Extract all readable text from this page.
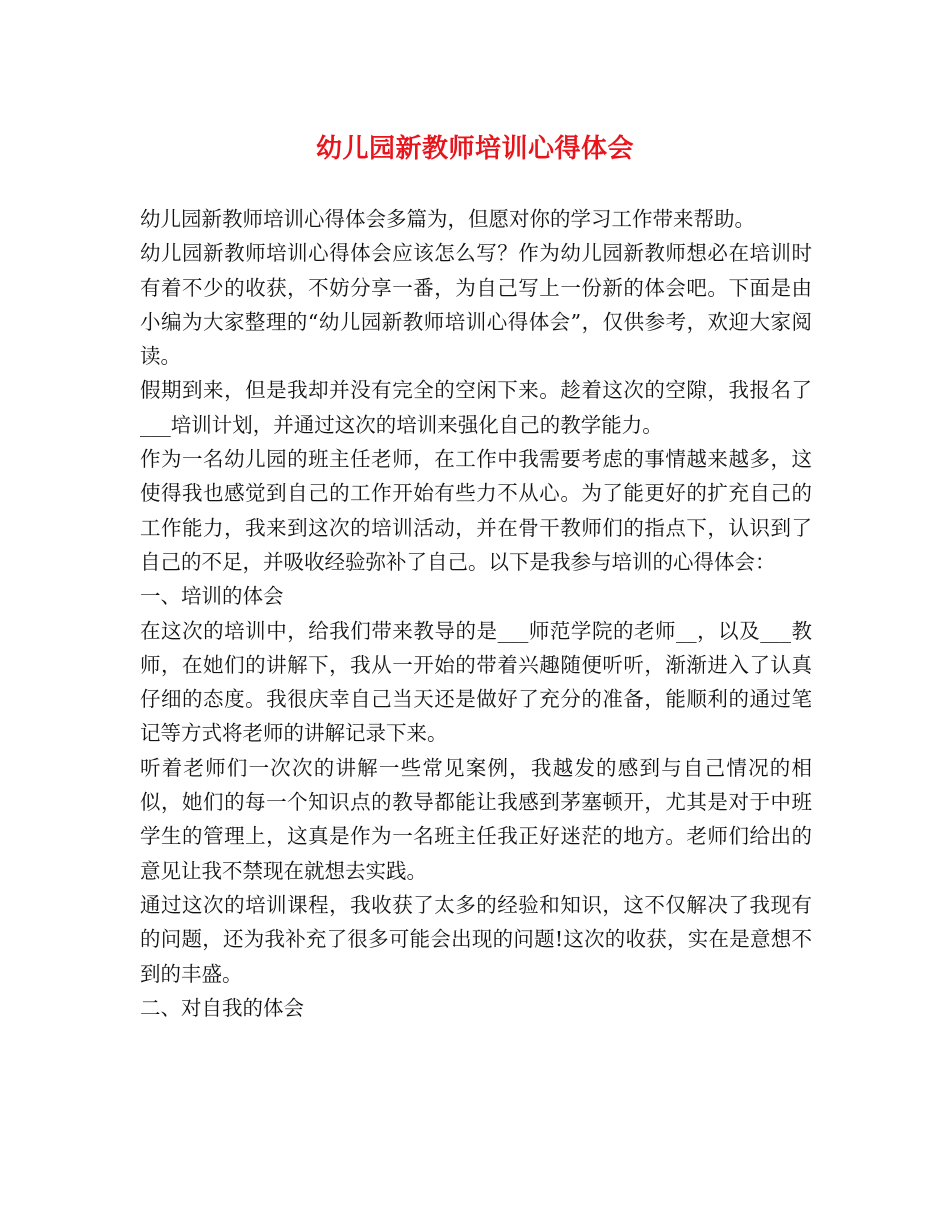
幼儿园新教师培训心得体会

幼儿园新教师培训心得体会多篇为，但愿对你的学习工作带来帮助。

幼儿园新教师培训心得体会应该怎么写？作为幼儿园新教师想必在培训时有着不少的收获，不妨分享一番，为自己写上一份新的体会吧。下面是由小编为大家整理的“幼儿园新教师培训心得体会”，仅供参考，欢迎大家阅读。

假期到来，但是我却并没有完全的空闲下来。趁着这次的空隙，我报名了___培训计划，并通过这次的培训来强化自己的教学能力。

作为一名幼儿园的班主任老师，在工作中我需要考虑的事情越来越多，这使得我也感觉到自己的工作开始有些力不从心。为了能更好的扩充自己的工作能力，我来到这次的培训活动，并在骨干教师们的指点下，认识到了自己的不足，并吸收经验弥补了自己。以下是我参与培训的心得体会：

一、培训的体会

在这次的培训中，给我们带来教导的是___师范学院的老师__，以及___教师，在她们的讲解下，我从一开始的带着兴趣随便听听，渐渐进入了认真仔细的态度。我很庆幸自己当天还是做好了充分的准备，能顺利的通过笔记等方式将老师的讲解记录下来。

听着老师们一次次的讲解一些常见案例，我越发的感到与自己情况的相似，她们的每一个知识点的教导都能让我感到茅塞顿开，尤其是对于中班学生的管理上，这真是作为一名班主任我正好迷茫的地方。老师们给出的意见让我不禁现在就想去实践。

通过这次的培训课程，我收获了太多的经验和知识，这不仅解决了我现有的问题，还为我补充了很多可能会出现的问题!这次的收获，实在是意想不到的丰盛。

二、对自我的体会
